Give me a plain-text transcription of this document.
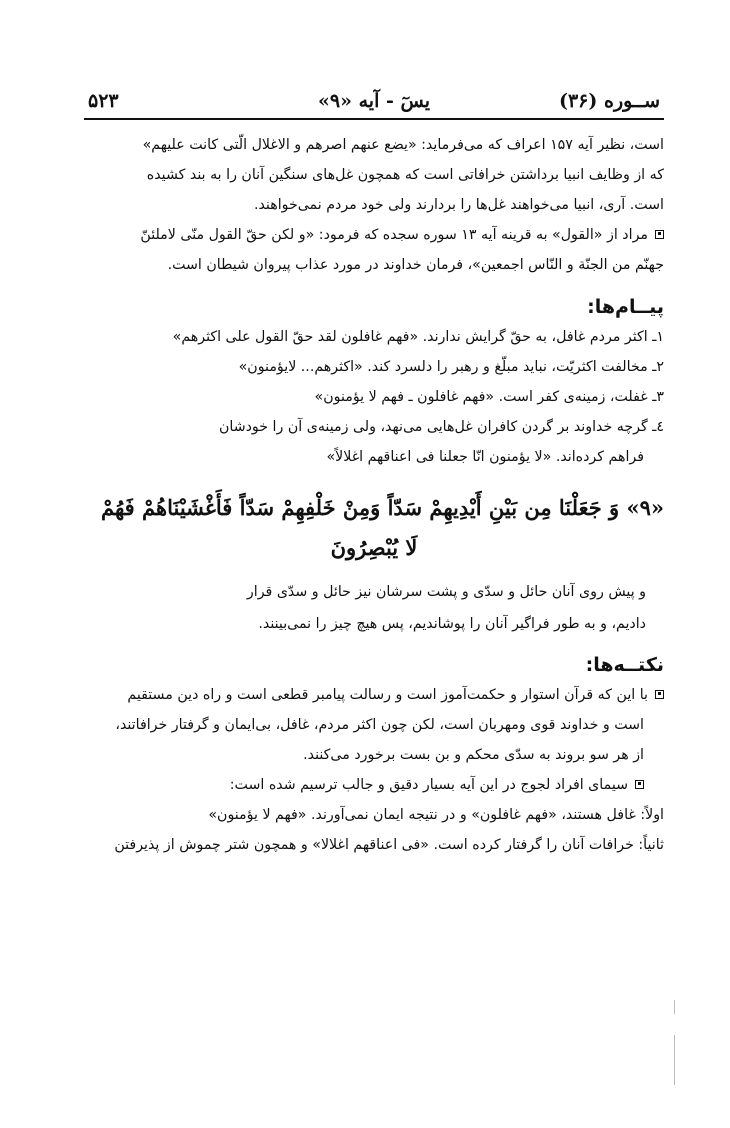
ســوره (۳۶)
یسٓ - آیه «۹»
۵۲۳

است، نظیر آیه ۱۵۷ اعراف که می‌فرماید: «یضع عنهم اصرهم و الاغلال الّتی کانت علیهم»

که از وظایف انبیا برداشتن خرافاتی است که همچون غل‌های سنگین آنان را به بند کشیده

است. آری، انبیا می‌خواهند غل‌ها را بردارند ولی خود مردم نمی‌خواهند.

مراد از «القول» به قرینه آیه ۱۳ سوره سجده که فرمود: «و لکن حقّ القول منّی لاملئنّ

جهنّم من الجنّة و النّاس اجمعین»، فرمان خداوند در مورد عذاب پیروان شیطان است.

پیــام‌ها:

۱ـ اکثر مردم غافل، به حقّ گرایش ندارند. «فهم غافلون لقد حقّ القول علی اکثرهم»

۲ـ مخالفت اکثریّت، نباید مبلّغ و رهبر را دلسرد کند. «اکثرهم... لایؤمنون»

۳ـ غفلت، زمینه‌ی کفر است. «فهم غافلون ـ فهم لا یؤمنون»

٤ـ گرچه خداوند بر گردن کافران غل‌هایی می‌نهد، ولی زمینه‌ی آن را خودشان

فراهم کرده‌اند. «لا یؤمنون انّا جعلنا فی اعناقهم اغلالاً»

«۹» وَ جَعَلْنَا مِن بَيْنِ أَيْدِيهِمْ سَدّاً وَمِنْ خَلْفِهِمْ سَدّاً فَأَغْشَيْنَاهُمْ فَهُمْ
لَا يُبْصِرُونَ

و پیش روی آنان حائل و سدّی و پشت سرشان نیز حائل و سدّی قرار

دادیم، و به طور فراگیر آنان را پوشاندیم، پس هیچ چیز را نمی‌بینند.

نکتــه‌ها:

با این که قرآن استوار و حکمت‌آموز است و رسالت پیامبر قطعی است و راه دین مستقیم

است و خداوند قوی ومهربان است، لکن چون اکثر مردم، غافل، بی‌ایمان و گرفتار خرافاتند،

از هر سو بروند به سدّی محکم و بن بست برخورد می‌کنند.

سیمای افراد لجوج در این آیه بسیار دقیق و جالب ترسیم شده است:

اولاً: غافل هستند، «فهم غافلون» و در نتیجه ایمان نمی‌آورند. «فهم لا یؤمنون»

ثانیاً: خرافات آنان را گرفتار کرده است. «فی اعناقهم اغلالا» و همچون شتر چموش از پذیرفتن
